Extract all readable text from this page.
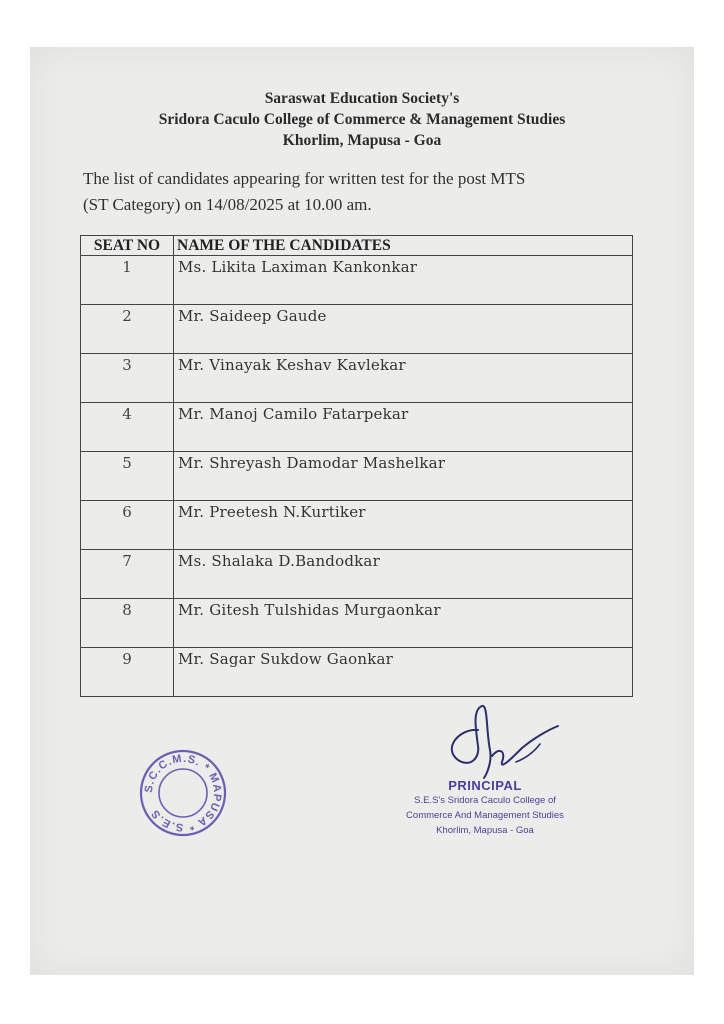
Saraswat Education Society's
Sridora Caculo College of Commerce & Management Studies
Khorlim, Mapusa - Goa
The list of candidates appearing for written test for the post MTS
(ST Category) on 14/08/2025 at 10.00 am.
SEAT NO	NAME OF THE CANDIDATES
1	Ms. Likita Laximan Kankonkar
2	Mr. Saideep Gaude
3	Mr. Vinayak Keshav Kavlekar
4	Mr. Manoj Camilo Fatarpekar
5	Mr. Shreyash Damodar Mashelkar
6	Mr. Preetesh N.Kurtiker
7	Ms. Shalaka D.Bandodkar
8	Mr. Gitesh Tulshidas Murgaonkar
9	Mr. Sagar Sukdow Gaonkar
S.C.C.M.S. * MAPUSA * S.E.S
PRINCIPAL
S.E.S's Sridora Caculo College of
Commerce And Management Studies
Khorlim, Mapusa - Goa
